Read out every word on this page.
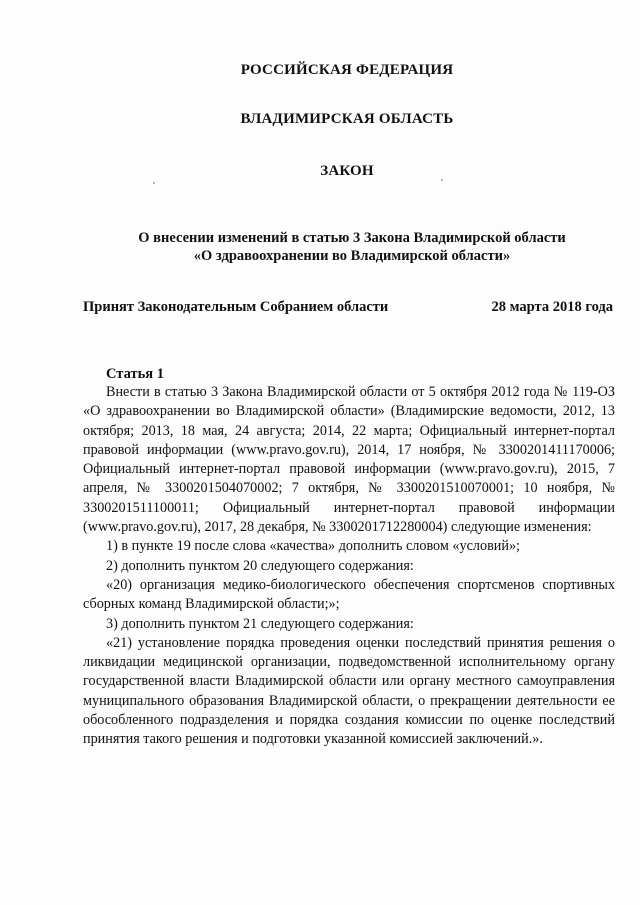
РОССИЙСКАЯ ФЕДЕРАЦИЯ
ВЛАДИМИРСКАЯ ОБЛАСТЬ
ЗАКОН
О внесении изменений в статью 3 Закона Владимирской области
«О здравоохранении во Владимирской области»
Принят Законодательным Собранием области	28 марта 2018 года
Статья 1

Внести в статью 3 Закона Владимирской области от 5 октября 2012 года № 119-ОЗ «О здравоохранении во Владимирской области» (Владимирские ведомости, 2012, 13 октября; 2013, 18 мая, 24 августа; 2014, 22 марта; Официальный интернет-портал правовой информации (www.pravo.gov.ru), 2014, 17 ноября, № 3300201411170006; Официальный интернет-портал правовой информации (www.pravo.gov.ru), 2015, 7 апреля, № 3300201504070002; 7 октября, № 3300201510070001; 10 ноября, № 3300201511100011; Официальный интернет-портал правовой информации (www.pravo.gov.ru), 2017, 28 декабря, № 3300201712280004) следующие изменения:

1) в пункте 19 после слова «качества» дополнить словом «условий»;

2) дополнить пунктом 20 следующего содержания:

«20) организация медико-биологического обеспечения спортсменов спортивных сборных команд Владимирской области;»;

3) дополнить пунктом 21 следующего содержания:

«21) установление порядка проведения оценки последствий принятия решения о ликвидации медицинской организации, подведомственной исполнительному органу государственной власти Владимирской области или органу местного самоуправления муниципального образования Владимирской области, о прекращении деятельности ее обособленного подразделения и порядка создания комиссии по оценке последствий принятия такого решения и подготовки указанной комиссией заключений.».
